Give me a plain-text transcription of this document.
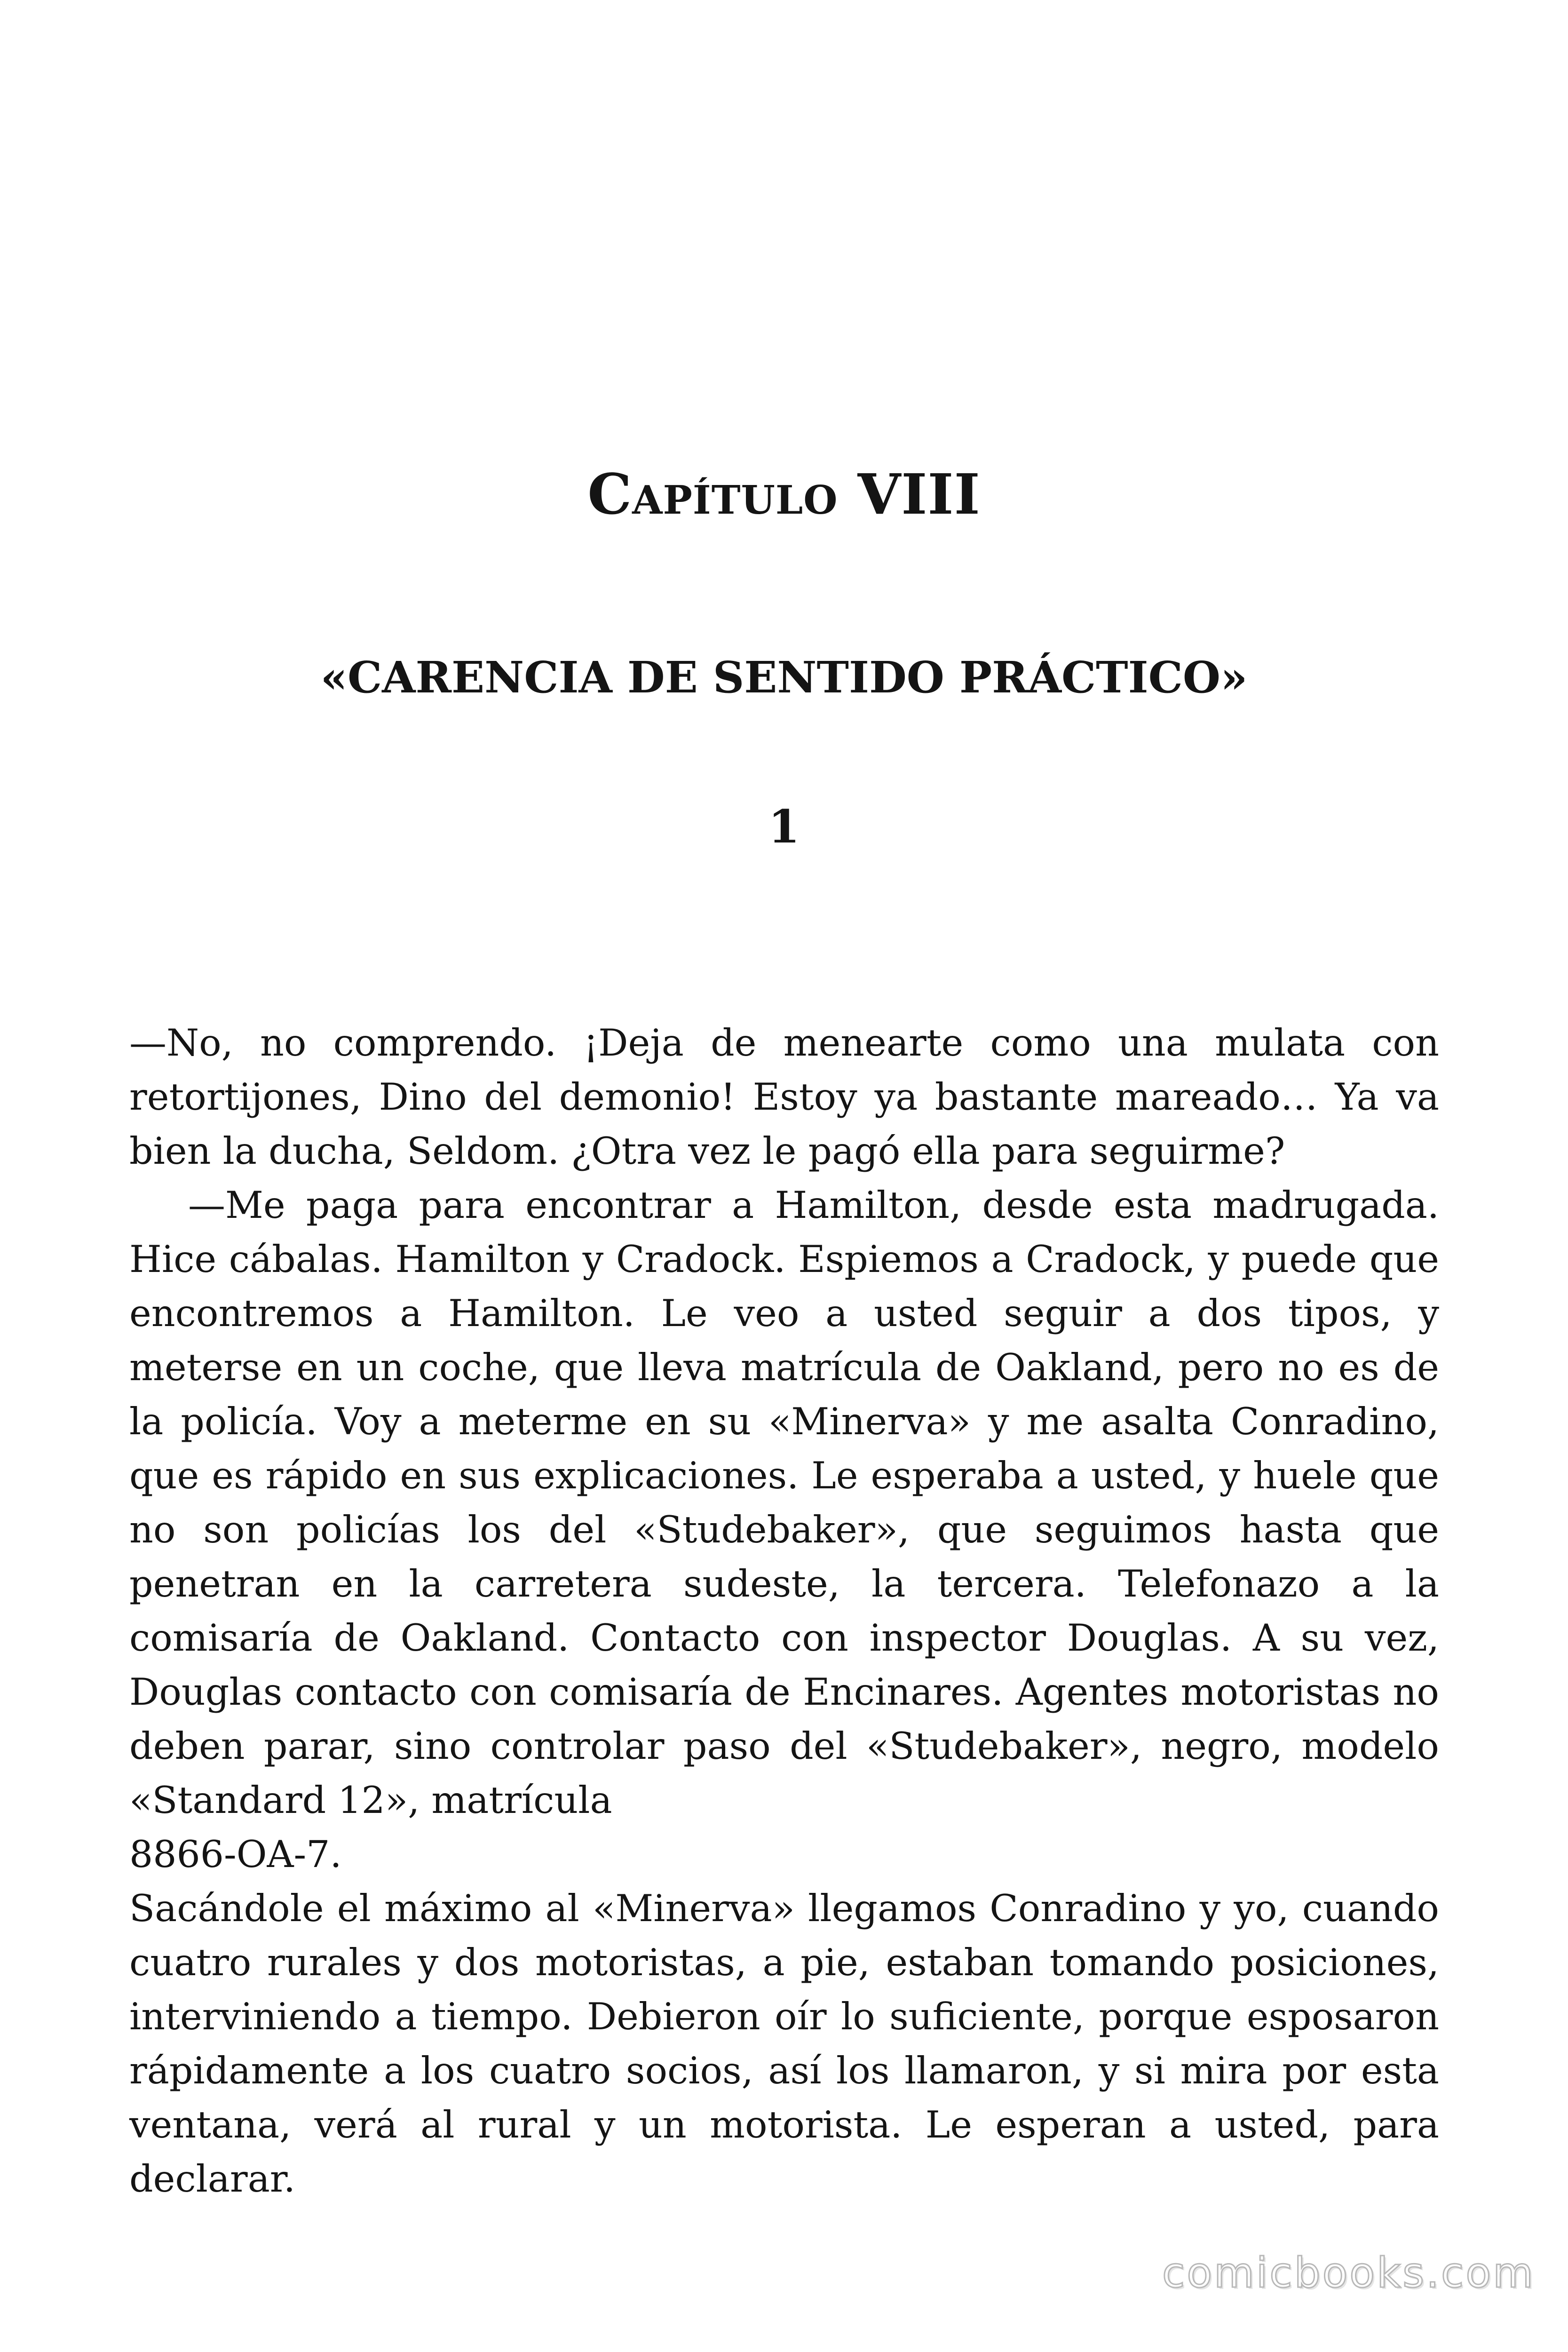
Capítulo VIII
«CARENCIA DE SENTIDO PRÁCTICO»
1

—No, no comprendo. ¡Deja de menearte como una mulata con retortijones, Dino del demonio! Estoy ya bastante mareado… Ya va bien la ducha, Seldom. ¿Otra vez le pagó ella para seguirme?

—Me paga para encontrar a Hamilton, desde esta madrugada. Hice cábalas. Hamilton y Cradock. Espiemos a Cradock, y puede que encontremos a Hamilton. Le veo a usted seguir a dos tipos, y meterse en un coche, que lleva matrícula de Oakland, pero no es de la policía. Voy a meterme en su «Minerva» y me asalta Conradino, que es rápido en sus explicaciones. Le esperaba a usted, y huele que no son policías los del «Studebaker», que seguimos hasta que penetran en la carretera sudeste, la tercera. Telefonazo a la comisaría de Oakland. Contacto con inspector Douglas. A su vez, Douglas contacto con comisaría de Encinares. Agentes motoristas no deben parar, sino controlar paso del «Studebaker», negro, modelo «Standard 12», matrícula

8866-OA-7.

Sacándole el máximo al «Minerva» llegamos Conradino y yo, cuando cuatro rurales y dos motoristas, a pie, estaban tomando posiciones, interviniendo a tiempo. Debieron oír lo suficiente, porque esposaron rápidamente a los cuatro socios, así los llamaron, y si mira por esta ventana, verá al rural y un motorista. Le esperan a usted, para declarar.

comicbooks.com
